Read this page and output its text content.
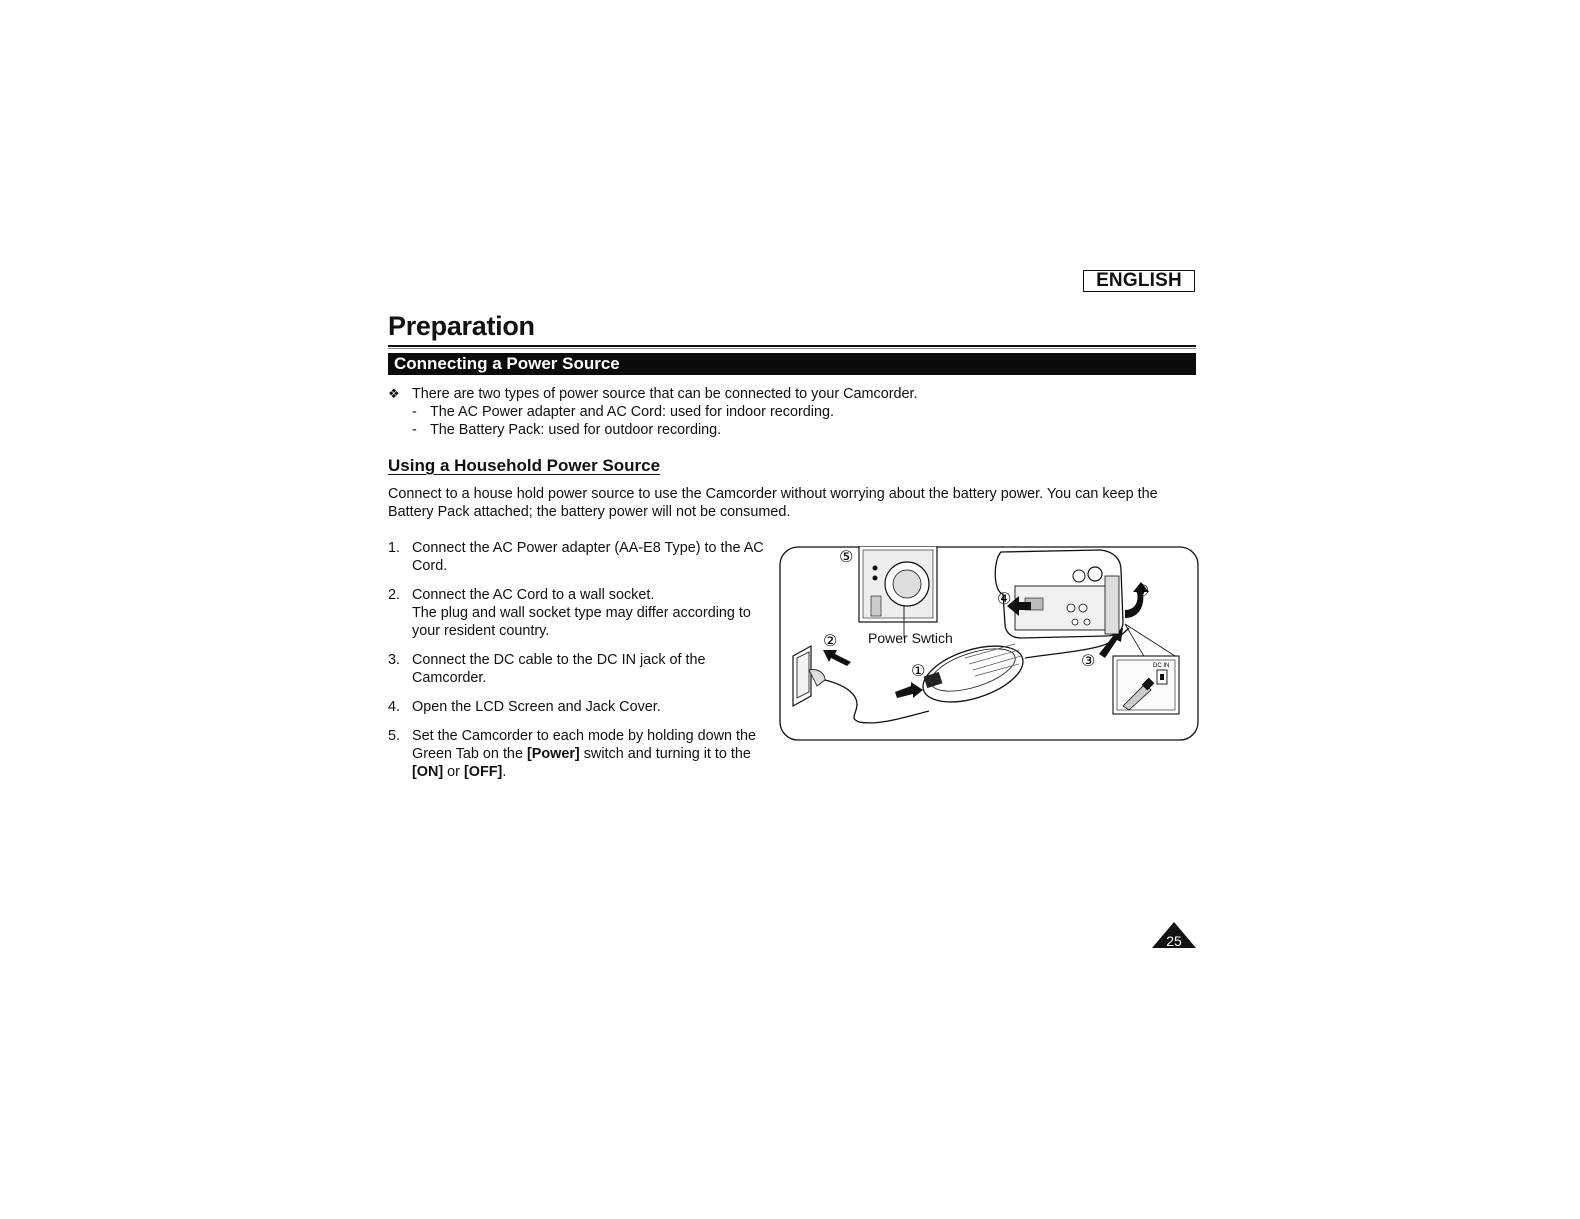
ENGLISH
Preparation
Connecting a Power Source
❖ There are two types of power source that can be connected to your Camcorder.
- The AC Power adapter and AC Cord: used for indoor recording.
- The Battery Pack: used for outdoor recording.
Using a Household Power Source
Connect to a house hold power source to use the Camcorder without worrying about the battery power. You can keep the Battery Pack attached; the battery power will not be consumed.
1. Connect the AC Power adapter (AA-E8 Type) to the AC Cord.
2. Connect the AC Cord to a wall socket.
The plug and wall socket type may differ according to your resident country.
3. Connect the DC cable to the DC IN jack of the Camcorder.
4. Open the LCD Screen and Jack Cover.
5. Set the Camcorder to each mode by holding down the Green Tab on the [Power] switch and turning it to the [ON] or [OFF].
DC IN
⑤
②
①
④	④
③
Power Swtich
25
